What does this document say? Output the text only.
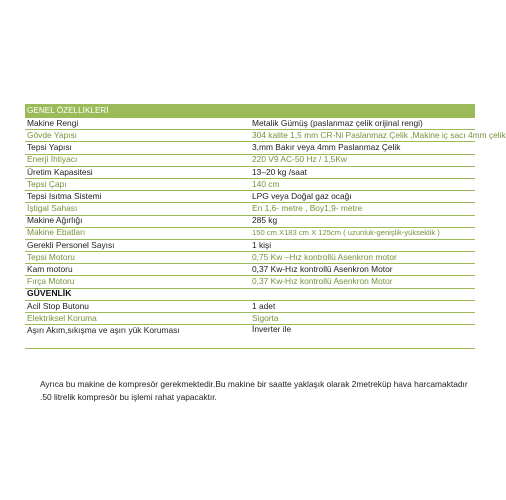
GENEL ÖZELLİKLERİ	
Makine Rengi	Metalik Gümüş (paslanmaz çelik orijinal rengi)
Gövde Yapısı	304 kalite 1,5 mm CR-Ni Paslanmaz Çelik ,Makine iç sacı 4mm çelik
Tepsi Yapısı	3,mm Bakır veya 4mm Paslanmaz Çelik
Enerji İhtiyacı	220 V9 AC-50 Hz / 1,5Kw
Üretim Kapasitesi	13–20 kg /saat
Tepsi Çapı	140 cm
Tepsi Isıtma Sistemi	LPG veya Doğal gaz ocağı
İştigal Sahası	En 1,6- metre , Boy1,9- metre
Makine Ağırlığı	285 kg
Makine Ebatları	150 cm X183 cm X 125cm ( uzunluk-genişlik-yükseklik )
Gerekli Personel Sayısı	1 kişi
Tepsi Motoru	0,75 Kw –Hız kontrollü Asenkron motor
Kam motoru	0,37 Kw-Hız kontrollü Asenkron Motor
Fırça Motoru	0,37 Kw-Hız kontrollü Asenkron Motor
GÜVENLİK	
Acil Stop Butonu	1 adet
Elektriksel Koruma	Sigorta
Aşırı Akım,sıkışma ve aşırı yük Koruması	İnverter ile

Ayrıca bu makine de kompresör gerekmektedir.Bu makine bir saatte yaklaşık olarak 2metreküp hava harcamaktadır .50 litrelik kompresör bu işlemi rahat yapacaktır.
